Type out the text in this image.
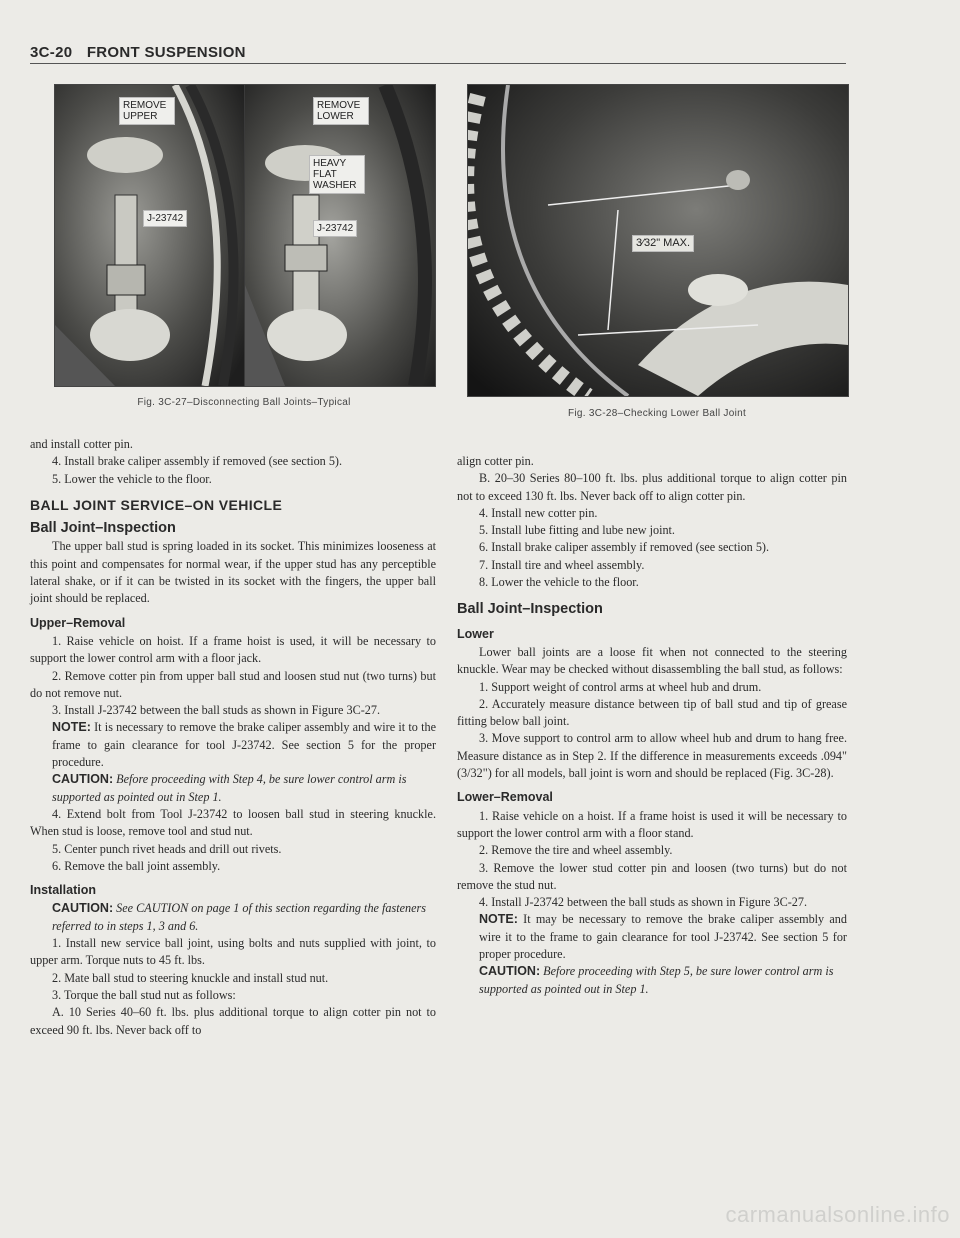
3C-20 FRONT SUSPENSION
REMOVE UPPER
J-23742
REMOVE LOWER
HEAVY FLAT WASHER
J-23742
Fig. 3C-27–Disconnecting Ball Joints–Typical
3⁄32" MAX.
Fig. 3C-28–Checking Lower Ball Joint

and install cotter pin.

4. Install brake caliper assembly if removed (see section 5).

5. Lower the vehicle to the floor.

BALL JOINT SERVICE–ON VEHICLE
Ball Joint–Inspection

The upper ball stud is spring loaded in its socket. This minimizes looseness at this point and compensates for normal wear, if the upper stud has any perceptible lateral shake, or if it can be twisted in its socket with the fingers, the upper ball joint should be replaced.

Upper–Removal

1. Raise vehicle on hoist. If a frame hoist is used, it will be necessary to support the lower control arm with a floor jack.

2. Remove cotter pin from upper ball stud and loosen stud nut (two turns) but do not remove nut.

3. Install J-23742 between the ball studs as shown in Figure 3C-27.

NOTE: It is necessary to remove the brake caliper assembly and wire it to the frame to gain clearance for tool J-23742. See section 5 for the proper procedure.

CAUTION: Before proceeding with Step 4, be sure lower control arm is supported as pointed out in Step 1.

4. Extend bolt from Tool J-23742 to loosen ball stud in steering knuckle. When stud is loose, remove tool and stud nut.

5. Center punch rivet heads and drill out rivets.

6. Remove the ball joint assembly.

Installation

CAUTION: See CAUTION on page 1 of this section regarding the fasteners referred to in steps 1, 3 and 6.

1. Install new service ball joint, using bolts and nuts supplied with joint, to upper arm. Torque nuts to 45 ft. lbs.

2. Mate ball stud to steering knuckle and install stud nut.

3. Torque the ball stud nut as follows:

A. 10 Series 40–60 ft. lbs. plus additional torque to align cotter pin not to exceed 90 ft. lbs. Never back off to

align cotter pin.

B. 20–30 Series 80–100 ft. lbs. plus additional torque to align cotter pin not to exceed 130 ft. lbs. Never back off to align cotter pin.

4. Install new cotter pin.

5. Install lube fitting and lube new joint.

6. Install brake caliper assembly if removed (see section 5).

7. Install tire and wheel assembly.

8. Lower the vehicle to the floor.

Ball Joint–Inspection
Lower

Lower ball joints are a loose fit when not connected to the steering knuckle. Wear may be checked without disassembling the ball stud, as follows:

1. Support weight of control arms at wheel hub and drum.

2. Accurately measure distance between tip of ball stud and tip of grease fitting below ball joint.

3. Move support to control arm to allow wheel hub and drum to hang free. Measure distance as in Step 2. If the difference in measurements exceeds .094" (3/32") for all models, ball joint is worn and should be replaced (Fig. 3C-28).

Lower–Removal

1. Raise vehicle on a hoist. If a frame hoist is used it will be necessary to support the lower control arm with a floor stand.

2. Remove the tire and wheel assembly.

3. Remove the lower stud cotter pin and loosen (two turns) but do not remove the stud nut.

4. Install J-23742 between the ball studs as shown in Figure 3C-27.

NOTE: It may be necessary to remove the brake caliper assembly and wire it to the frame to gain clearance for tool J-23742. See section 5 for proper procedure.

CAUTION: Before proceeding with Step 5, be sure lower control arm is supported as pointed out in Step 1.

carmanualsonline.info
